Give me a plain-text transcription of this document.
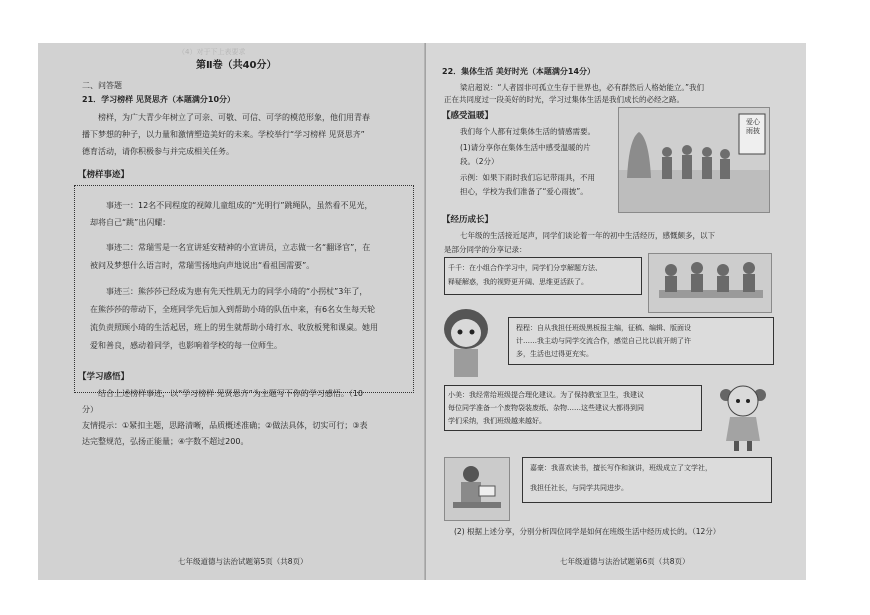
（4）对于下上表要求
第Ⅱ卷（共40分）
二、问答题
21．学习榜样 见贤思齐（本题满分10分）
榜样，为广大青少年树立了可亲、可敬、可信、可学的模范形象，他们用青春
播下梦想的种子，以力量和激情塑造美好的未来。学校举行“学习榜样 见贤思齐”
德育活动，请你积极参与并完成相关任务。
【榜样事迹】
事迹一：12名不同程度的视障儿童组成的“光明行”跳绳队，虽然看不见光，
却将自己“跳”出闪耀：
事迹二：常瑞雪是一名宣讲延安精神的小宣讲员，立志做一名“翻译官”，在
被问及梦想什么语言时，常瑞雪扬地向声地说出“看祖国需要”。
事迹三：熊莎莎已经成为患有先天性肌无力的同学小琦的“小拐杖”3年了，
在熊莎莎的带动下，全班同学先后加入到帮助小琦的队伍中来，有6名女生每天轮
流负责照顾小琦的生活起居，班上的男生就帮助小琦打水、收放板凳和课桌。她用
爱和善良，感动着同学，也影响着学校的每一位师生。
【学习感悟】
结合上述榜样事迹，以“学习榜样 见贤思齐”为主题写下你的学习感悟。（10
分）
友情提示：①紧扣主题，思路清晰，品质概述准确；②做法具体，切实可行；③表
达完整规范，弘扬正能量；④字数不超过200。
七年级道德与法治试题第5页（共8页）
22．集体生活 美好时光（本题满分14分）
梁启超说：“人者固非可孤立生存于世界也，必有群然后人格始能立。”我们
正在共同度过一段美好的时光，学习过集体生活是我们成长的必经之路。
【感受温暖】
我们每个人都有过集体生活的情感需要。
(1)请分享你在集体生活中感受温暖的片
段。（2分）
示例：如果下雨时我们忘记带雨具，不用
担心，学校为我们准备了“爱心雨披”。
爱心雨披
【经历成长】
七年级的生活接近尾声，同学们谈论着一年的初中生活经历，感慨颇多，以下
是部分同学的分享记录：
千千：在小组合作学习中，同学们分享解题方法、
释疑解惑，我的视野更开阔、思维更活跃了。
程程：自从我担任班级黑板报主编，征稿、编辑、版面设
计……我主动与同学交流合作，感觉自己比以前开朗了许
多，生活也过得更充实。
小美：我经常给班级提合理化建议。为了保持教室卫生，我建议
每位同学准备一个废物袋装废纸、杂物……这些建议大都得到同
学们采纳，我们班级越来越好。
嘉豪：我喜欢读书，擅长写作和演讲，班级成立了文学社，
我担任社长，与同学共同进步。
(2) 根据上述分享，分别分析四位同学是如何在班级生活中经历成长的。（12分）
七年级道德与法治试题第6页（共8页）
